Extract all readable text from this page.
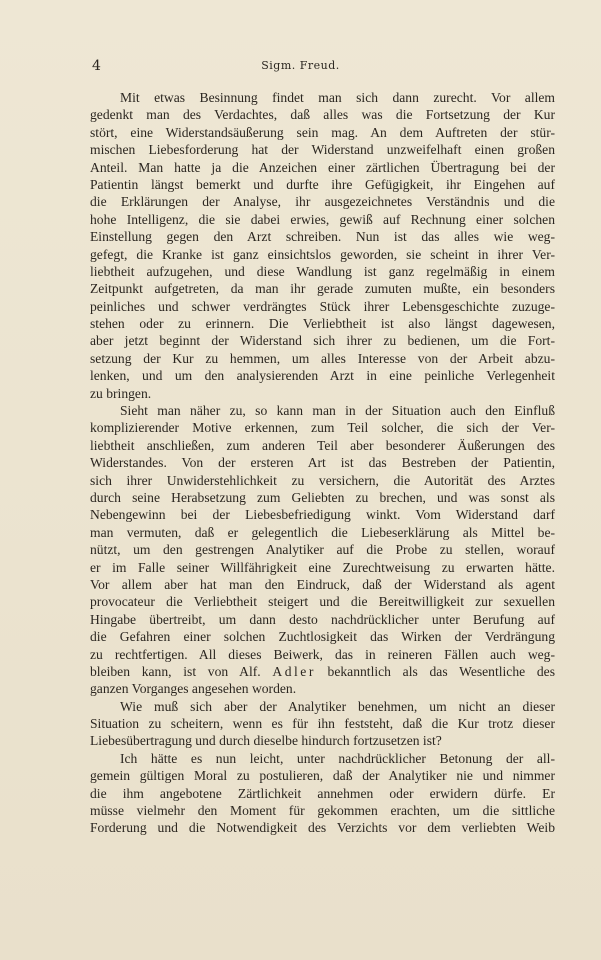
4	Sigm. Freud.
Mit etwas Besinnung findet man sich dann zurecht. Vor allem
gedenkt man des Verdachtes, daß alles was die Fortsetzung der Kur
stört, eine Widerstandsäußerung sein mag. An dem Auftreten der stür-
mischen Liebesforderung hat der Widerstand unzweifelhaft einen großen
Anteil. Man hatte ja die Anzeichen einer zärtlichen Übertragung bei der
Patientin längst bemerkt und durfte ihre Gefügigkeit, ihr Eingehen auf
die Erklärungen der Analyse, ihr ausgezeichnetes Verständnis und die
hohe Intelligenz, die sie dabei erwies, gewiß auf Rechnung einer solchen
Einstellung gegen den Arzt schreiben. Nun ist das alles wie weg-
gefegt, die Kranke ist ganz einsichtslos geworden, sie scheint in ihrer Ver-
liebtheit aufzugehen, und diese Wandlung ist ganz regelmäßig in einem
Zeitpunkt aufgetreten, da man ihr gerade zumuten mußte, ein besonders
peinliches und schwer verdrängtes Stück ihrer Lebensgeschichte zuzuge-
stehen oder zu erinnern. Die Verliebtheit ist also längst dagewesen,
aber jetzt beginnt der Widerstand sich ihrer zu bedienen, um die Fort-
setzung der Kur zu hemmen, um alles Interesse von der Arbeit abzu-
lenken, und um den analysierenden Arzt in eine peinliche Verlegenheit
zu bringen.
Sieht man näher zu, so kann man in der Situation auch den Einfluß
komplizierender Motive erkennen, zum Teil solcher, die sich der Ver-
liebtheit anschließen, zum anderen Teil aber besonderer Äußerungen des
Widerstandes. Von der ersteren Art ist das Bestreben der Patientin,
sich ihrer Unwiderstehlichkeit zu versichern, die Autorität des Arztes
durch seine Herabsetzung zum Geliebten zu brechen, und was sonst als
Nebengewinn bei der Liebesbefriedigung winkt. Vom Widerstand darf
man vermuten, daß er gelegentlich die Liebeserklärung als Mittel be-
nützt, um den gestrengen Analytiker auf die Probe zu stellen, worauf
er im Falle seiner Willfährigkeit eine Zurechtweisung zu erwarten hätte.
Vor allem aber hat man den Eindruck, daß der Widerstand als agent
provocateur die Verliebtheit steigert und die Bereitwilligkeit zur sexuellen
Hingabe übertreibt, um dann desto nachdrücklicher unter Berufung auf
die Gefahren einer solchen Zuchtlosigkeit das Wirken der Verdrängung
zu rechtfertigen. All dieses Beiwerk, das in reineren Fällen auch weg-
bleiben kann, ist von Alf. Adler bekanntlich als das Wesentliche des
ganzen Vorganges angesehen worden.
Wie muß sich aber der Analytiker benehmen, um nicht an dieser
Situation zu scheitern, wenn es für ihn feststeht, daß die Kur trotz dieser
Liebesübertragung und durch dieselbe hindurch fortzusetzen ist?
Ich hätte es nun leicht, unter nachdrücklicher Betonung der all-
gemein gültigen Moral zu postulieren, daß der Analytiker nie und nimmer
die ihm angebotene Zärtlichkeit annehmen oder erwidern dürfe. Er
müsse vielmehr den Moment für gekommen erachten, um die sittliche
Forderung und die Notwendigkeit des Verzichts vor dem verliebten Weib
